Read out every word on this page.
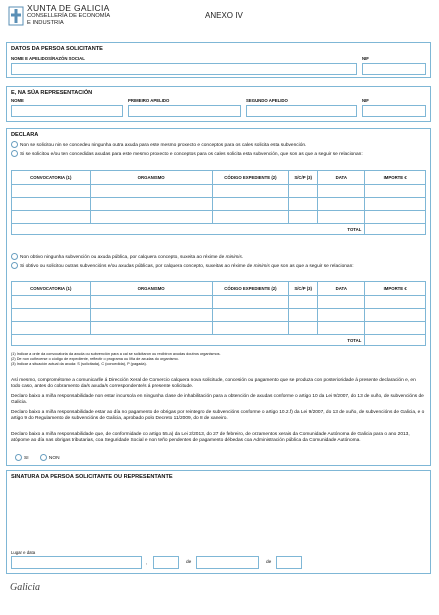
XUNTA DE GALICIA
CONSELLERÍA DE ECONOMÍA
E INDUSTRIA
ANEXO IV
DATOS DA PERSOA SOLICITANTE
NOME E APELIDOS/RAZÓN SOCIAL	NIF
E, NA SÚA REPRESENTACIÓN
NOME	PRIMEIRO APELIDO	SEGUNDO APELIDO	NIF
DECLARA
Non se solicitou nin se concedeu ningunha outra axuda para este mesmo proxecto e conceptos para os cales solicita esta subvención.
Si se solicitou e/ou ten concedidas axudas para este mesmo proxecto e conceptos para os cales solicita esta subvención, que son as que a seguir se relacionan:
CONVOCATORIA (1)	ORGANISMO	CÓDIGO EXPEDIENTE (2)	S/C/P (3)	DATA	IMPORTE €

TOTAL					
Non obtivo ningunha subvención ou axuda pública, por calquera concepto, suxeita ao réxime de minimis.
Si obtivo ou solicitou outras subvencións e/ou axudas públicas, por calquera concepto, suxeitas ao réxime de minimis que son as que a seguir se relacionan:
CONVOCATORIA (1)	ORGANISMO	CÓDIGO EXPEDIENTE (2)	S/C/P (3)	DATA	IMPORTE €

TOTAL					
(1) Indicar a orde da convocatoria da axuda ou subvención para a cal se solicitaron ou recibiron axudas doutros organismos.
(2) De non coñecerse o código de expediente, reflectir o programa ou liña de axudas do organismo.
(3) Indicar a situación actual da axuda: S (solicitada), C (concedida), P (pagada).
Así mesmo, comprométome a comunicarlle á Dirección Xeral de Comercio calquera nova solicitude, concesión ou pagamento que se produza con posterioridade á presente declaración e, en todo caso, antes do cobramento da/s axuda/s correspondente/s á presente solicitude.
Declaro baixo a miña responsabilidade non estar incurso/a en ningunha clase de inhabilitación para a obtención de axudas conforme o artigo 10 da Lei 9/2007, do 13 de xuño, de subvencións de Galicia.
Declaro baixo a miña responsabilidade estar ao día no pagamento de obrigas por reintegro de subvencións conforme o artigo 10.2.f) da Lei 9/2007, do 13 de xuño, de subvencións de Galicia, e o artigo 9 do Regulamento de subvencións de Galicia, aprobado polo Decreto 11/2009, do 8 de xaneiro.
Declaro baixo a miña responsabilidade que, de conformidade co artigo 55.a) da Lei 2/2013, do 27 de febreiro, de orzamentos xerais da Comunidade Autónoma de Galicia para o ano 2013, atópome ao día nas obrigas tributarias, coa Seguridade Social e non teño pendentes de pagamento débedas coa Administración pública da Comunidade Autónoma.
SI	NON
SINATURA DA PERSOA SOLICITANTE OU REPRESENTANTE
Lugar e data
,	de	de
Galicia
